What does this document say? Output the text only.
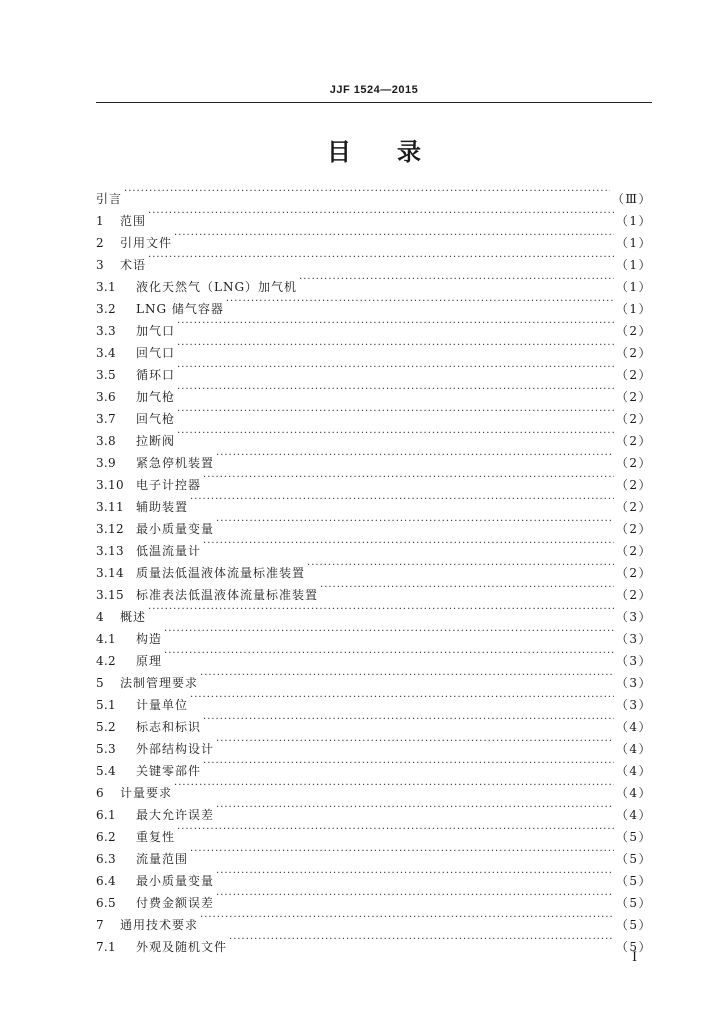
JJF 1524—2015
目 录
引言 ·····	（Ⅲ）
1	范围 ·····	（1）
2	引用文件 ·····	（1）
3	术语 ·····	（1）
3.1	液化天然气（LNG）加气机 ·····	（1）
3.2	LNG 储气容器 ·····	（1）
3.3	加气口 ·····	（2）
3.4	回气口 ·····	（2）
3.5	循环口 ·····	（2）
3.6	加气枪 ·····	（2）
3.7	回气枪 ·····	（2）
3.8	拉断阀 ·····	（2）
3.9	紧急停机装置 ·····	（2）
3.10	电子计控器 ·····	（2）
3.11	辅助装置 ·····	（2）
3.12	最小质量变量 ·····	（2）
3.13	低温流量计 ·····	（2）
3.14	质量法低温液体流量标准装置 ·····	（2）
3.15	标准表法低温液体流量标准装置 ·····	（2）
4	概述 ·····	（3）
4.1	构造 ·····	（3）
4.2	原理 ·····	（3）
5	法制管理要求 ·····	（3）
5.1	计量单位 ·····	（3）
5.2	标志和标识 ·····	（4）
5.3	外部结构设计 ·····	（4）
5.4	关键零部件 ·····	（4）
6	计量要求 ·····	（4）
6.1	最大允许误差 ·····	（4）
6.2	重复性 ·····	（5）
6.3	流量范围 ·····	（5）
6.4	最小质量变量 ·····	（5）
6.5	付费金额误差 ·····	（5）
7	通用技术要求 ·····	（5）
7.1	外观及随机文件 ·····	（5）
Ⅰ
